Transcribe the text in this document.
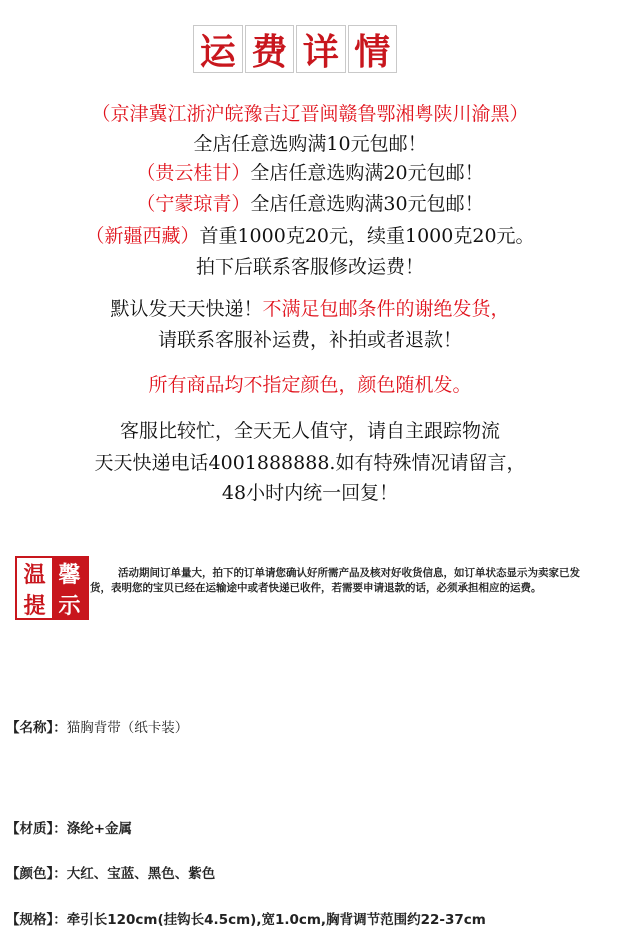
运 费 详 情
（京津冀江浙沪皖豫吉辽晋闽赣鲁鄂湘粤陕川渝黑）
全店任意选购满10元包邮！
（贵云桂甘）全店任意选购满20元包邮！
（宁蒙琼青）全店任意选购满30元包邮！
（新疆西藏）首重1000克20元，续重1000克20元。
拍下后联系客服修改运费！
默认发天天快递！不满足包邮条件的谢绝发货，
请联系客服补运费，补拍或者退款！
所有商品均不指定颜色，颜色随机发。
客服比较忙，全天无人值守，请自主跟踪物流
天天快递电话4001888888.如有特殊情况请留言，
48小时内统一回复！
温 馨
提 示
活动期间订单量大，拍下的订单请您确认好所需产品及核对好收货信息，如订单状态显示为卖家已发货，表明您的宝贝已经在运输途中或者快递已收件，若需要申请退款的话，必须承担相应的运费。
【名称】：猫胸背带（纸卡装）
【材质】：涤纶+金属
【颜色】：大红、宝蓝、黑色、紫色
【规格】：牵引长120cm(挂钩长4.5cm),宽1.0cm,胸背调节范围约22-37cm
